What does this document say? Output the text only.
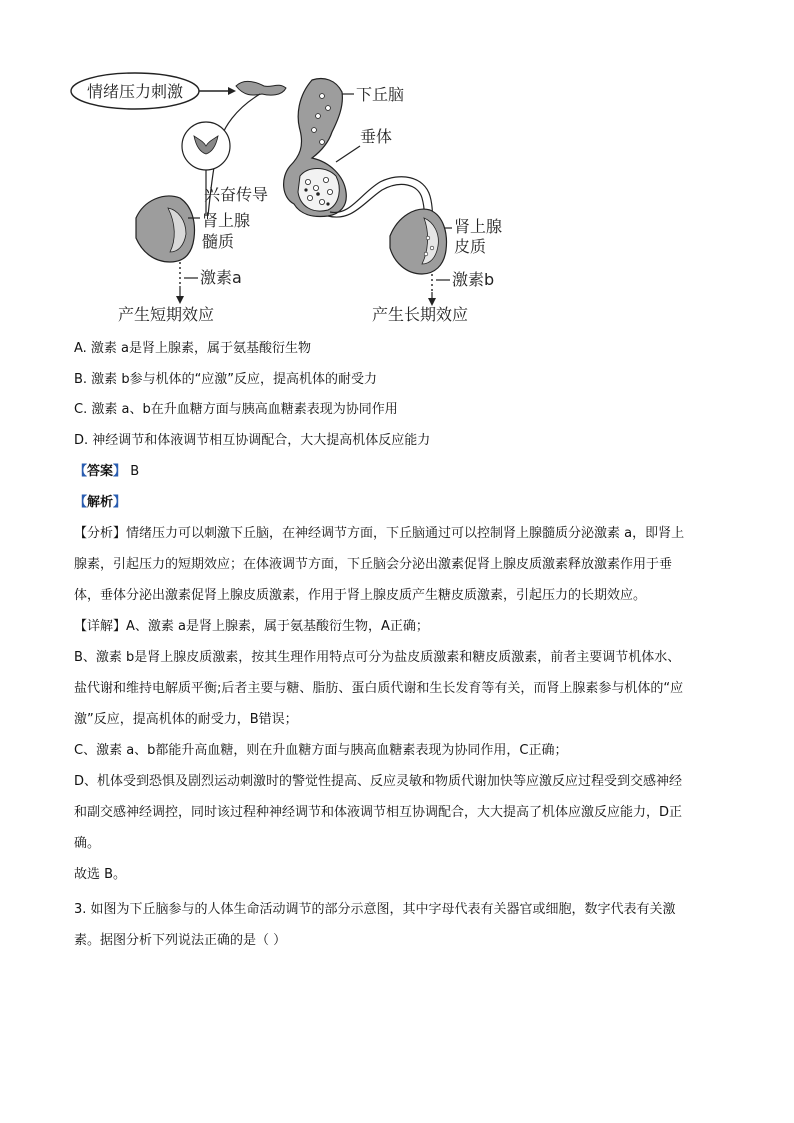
情绪压力刺激	下丘脑
垂体
兴奋传导
肾上腺
髓质
激素a
产生短期效应
肾上腺
皮质
激素b
产生长期效应
A. 激素 a是肾上腺素，属于氨基酸衍生物
B. 激素 b参与机体的“应激”反应，提高机体的耐受力
C. 激素 a、b在升血糖方面与胰高血糖素表现为协同作用
D. 神经调节和体液调节相互协调配合，大大提高机体反应能力
【答案】 B
【解析】

【分析】情绪压力可以刺激下丘脑，在神经调节方面，下丘脑通过可以控制肾上腺髓质分泌激素 a，即肾上

腺素，引起压力的短期效应；在体液调节方面，下丘脑会分泌出激素促肾上腺皮质激素释放激素作用于垂

体，垂体分泌出激素促肾上腺皮质激素，作用于肾上腺皮质产生糖皮质激素，引起压力的长期效应。

【详解】A、激素 a是肾上腺素，属于氨基酸衍生物，A正确；

B、激素 b是肾上腺皮质激素，按其生理作用特点可分为盐皮质激素和糖皮质激素，前者主要调节机体水、

盐代谢和维持电解质平衡;后者主要与糖、脂肪、蛋白质代谢和生长发育等有关，而肾上腺素参与机体的“应

激”反应，提高机体的耐受力，B错误；

C、激素 a、b都能升高血糖，则在升血糖方面与胰高血糖素表现为协同作用，C正确；

D、机体受到恐惧及剧烈运动刺激时的警觉性提高、反应灵敏和物质代谢加快等应激反应过程受到交感神经

和副交感神经调控，同时该过程种神经调节和体液调节相互协调配合，大大提高了机体应激反应能力，D正

确。

故选 B。

3. 如图为下丘脑参与的人体生命活动调节的部分示意图，其中字母代表有关器官或细胞，数字代表有关激

素。据图分析下列说法正确的是（ ）
